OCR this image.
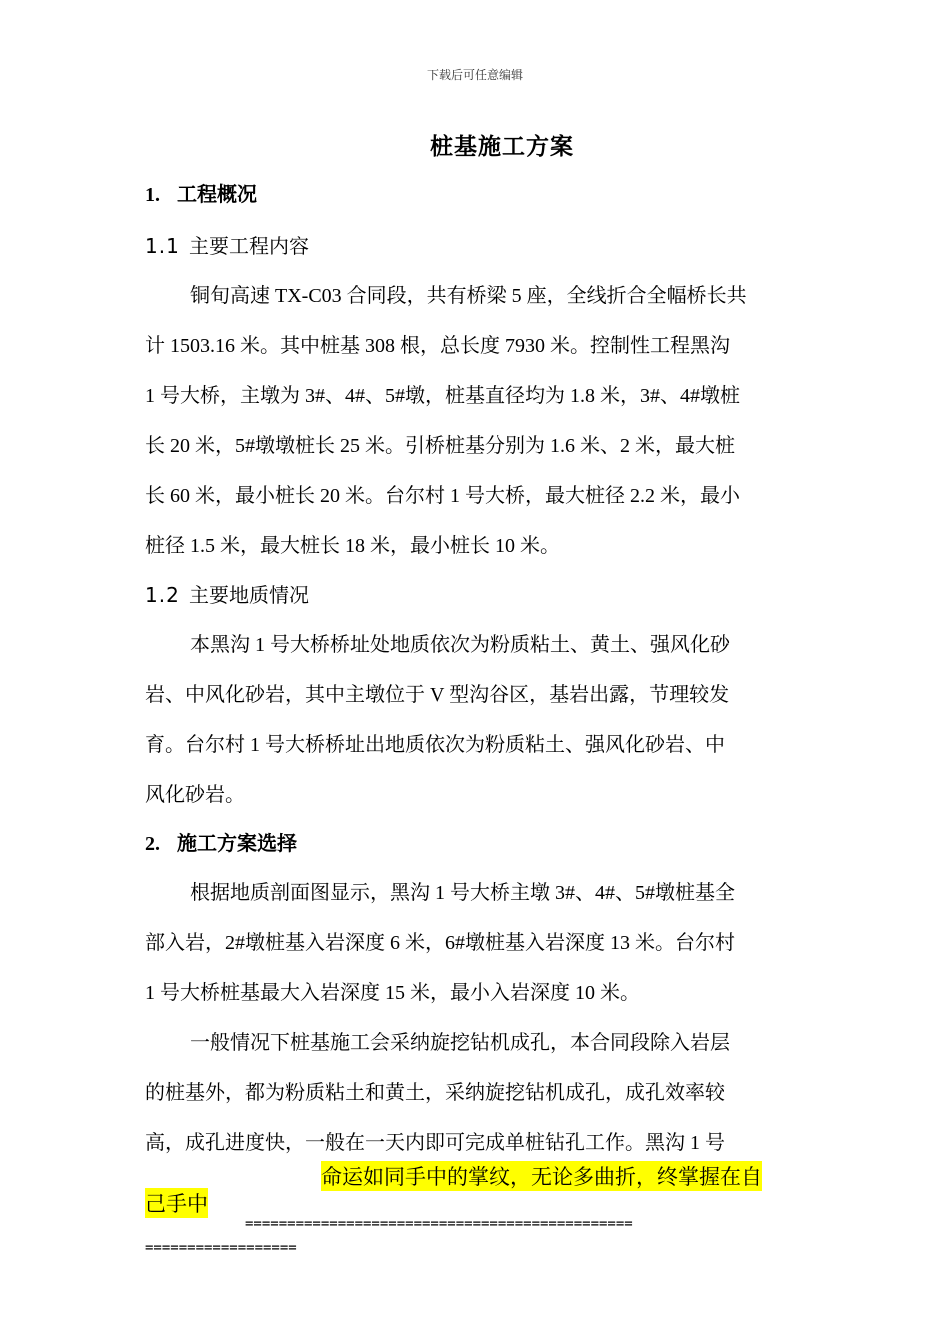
下载后可任意编辑
桩基施工方案
1. 工程概况
1.1 主要工程内容
铜旬高速 TX-C03 合同段，共有桥梁 5 座，全线折合全幅桥长共
计 1503.16 米。其中桩基 308 根，总长度 7930 米。控制性工程黑沟
1 号大桥，主墩为 3#、4#、5#墩，桩基直径均为 1.8 米，3#、4#墩桩
长 20 米，5#墩墩桩长 25 米。引桥桩基分别为 1.6 米、2 米，最大桩
长 60 米，最小桩长 20 米。台尔村 1 号大桥，最大桩径 2.2 米，最小
桩径 1.5 米，最大桩长 18 米，最小桩长 10 米。
1.2 主要地质情况
本黑沟 1 号大桥桥址处地质依次为粉质粘土、黄土、强风化砂
岩、中风化砂岩，其中主墩位于 V 型沟谷区，基岩出露，节理较发
育。台尔村 1 号大桥桥址出地质依次为粉质粘土、强风化砂岩、中
风化砂岩。
2. 施工方案选择
根据地质剖面图显示，黑沟 1 号大桥主墩 3#、4#、5#墩桩基全
部入岩，2#墩桩基入岩深度 6 米，6#墩桩基入岩深度 13 米。台尔村
1 号大桥桩基最大入岩深度 15 米，最小入岩深度 10 米。
一般情况下桩基施工会采纳旋挖钻机成孔，本合同段除入岩层
的桩基外，都为粉质粘土和黄土，采纳旋挖钻机成孔，成孔效率较
高，成孔进度快，一般在一天内即可完成单桩钻孔工作。黑沟 1 号
命运如同手中的掌纹，无论多曲折，终掌握在自
己手中
==============================================
==================
